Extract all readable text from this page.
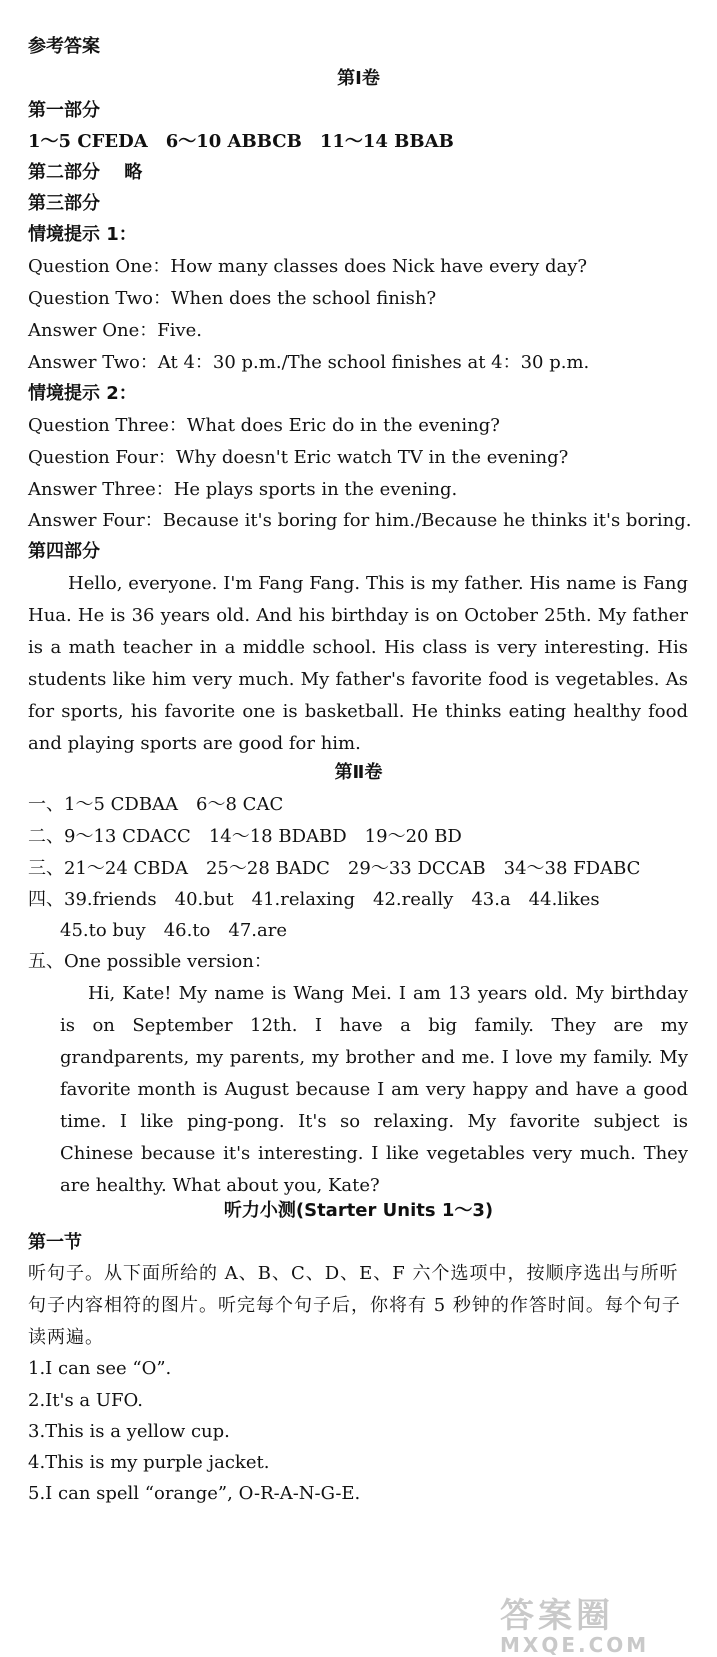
参考答案
第Ⅰ卷
第一部分
1～5 CFEDA　6～10 ABBCB　11～14 BBAB
第二部分 略
第三部分
情境提示 1：
Question One：How many classes does Nick have every day?
Question Two：When does the school finish?
Answer One：Five.
Answer Two：At 4：30 p.m./The school finishes at 4：30 p.m.
情境提示 2：
Question Three：What does Eric do in the evening?
Question Four：Why doesn't Eric watch TV in the evening?
Answer Three：He plays sports in the evening.
Answer Four：Because it's boring for him./Because he thinks it's boring.
第四部分
Hello, everyone. I'm Fang Fang. This is my father. His name is Fang Hua. He is 36 years old. And his birthday is on October 25th. My father is a math teacher in a middle school. His class is very interesting. His students like him very much. My father's favorite food is vegetables. As for sports, his favorite one is basketball. He thinks eating healthy food and playing sports are good for him.
第Ⅱ卷
一、1～5 CDBAA　6～8 CAC
二、9～13 CDACC　14～18 BDABD　19～20 BD
三、21～24 CBDA　25～28 BADC　29～33 DCCAB　34～38 FDABC
四、39.friends　40.but　41.relaxing　42.really　43.a　44.likes
45.to buy　46.to　47.are
五、One possible version：
Hi, Kate! My name is Wang Mei. I am 13 years old. My birthday is on September 12th. I have a big family. They are my grandparents, my parents, my brother and me. I love my family. My favorite month is August because I am very happy and have a good time. I like ping-pong. It's so relaxing. My favorite subject is Chinese because it's interesting. I like vegetables very much. They are healthy. What about you, Kate?
听力小测(Starter Units 1～3)
第一节
听句子。从下面所给的 A、B、C、D、E、F 六个选项中，按顺序选出与所听句子内容相符的图片。听完每个句子后，你将有 5 秒钟的作答时间。每个句子读两遍。
1.I can see “O”.
2.It's a UFO.
3.This is a yellow cup.
4.This is my purple jacket.
5.I can spell “orange”, O-R-A-N-G-E.
答案圈
MXQE.COM
